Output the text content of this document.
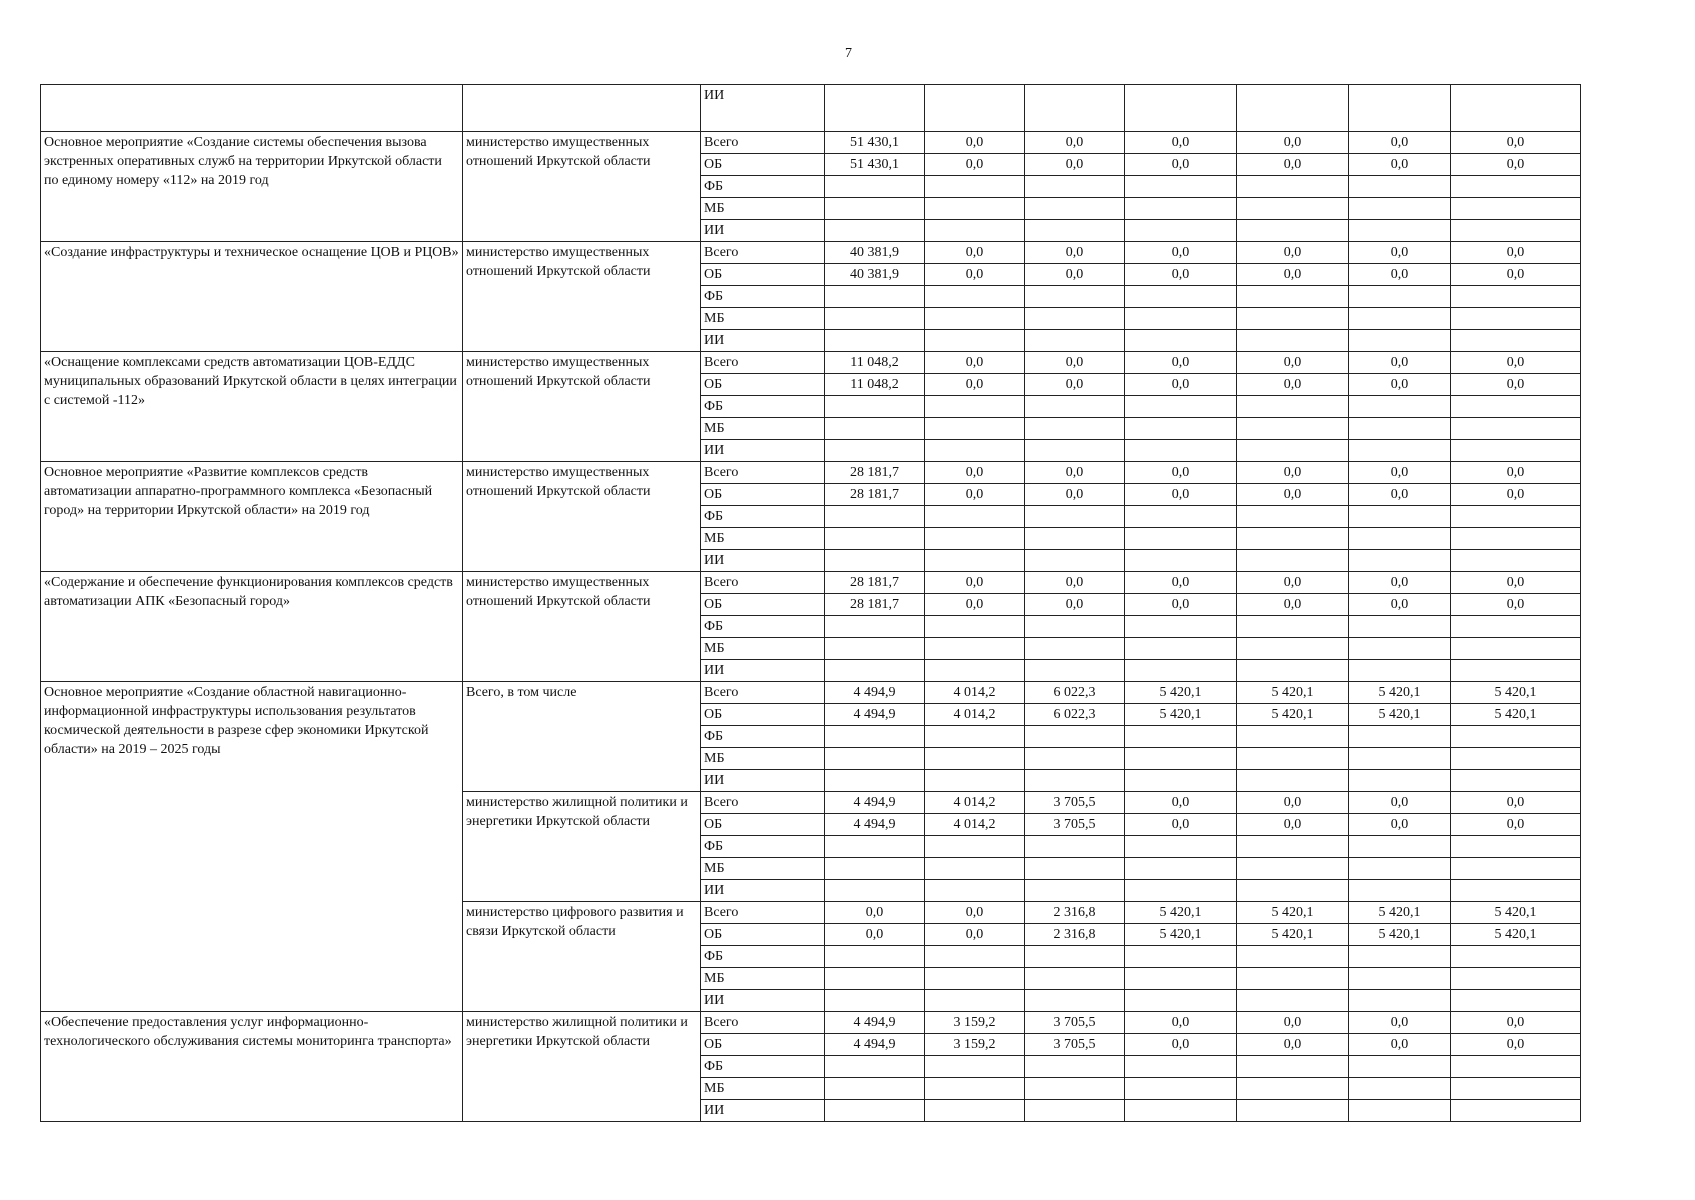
7
		ИИ							
Основное мероприятие «Создание системы обеспечения вызова экстренных оперативных служб на территории Иркутской области по единому номеру «112» на 2019 год	министерство имущественных отношений Иркутской области	Всего	51 430,1	0,0	0,0	0,0	0,0	0,0	0,0
		ОБ	51 430,1	0,0	0,0	0,0	0,0	0,0	0,0
		ФБ							
		МБ							
		ИИ							
«Создание инфраструктуры и техническое оснащение ЦОВ и РЦОВ»	министерство имущественных отношений Иркутской области	Всего	40 381,9	0,0	0,0	0,0	0,0	0,0	0,0
		ОБ	40 381,9	0,0	0,0	0,0	0,0	0,0	0,0
		ФБ							
		МБ							
		ИИ							
«Оснащение комплексами средств автоматизации ЦОВ-ЕДДС муниципальных образований Иркутской области в целях интеграции с системой -112»	министерство имущественных отношений Иркутской области	Всего	11 048,2	0,0	0,0	0,0	0,0	0,0	0,0
		ОБ	11 048,2	0,0	0,0	0,0	0,0	0,0	0,0
		ФБ							
		МБ							
		ИИ							
Основное мероприятие «Развитие комплексов средств автоматизации аппаратно-программного комплекса «Безопасный город» на территории Иркутской области» на 2019 год	министерство имущественных отношений Иркутской области	Всего	28 181,7	0,0	0,0	0,0	0,0	0,0	0,0
		ОБ	28 181,7	0,0	0,0	0,0	0,0	0,0	0,0
		ФБ							
		МБ							
		ИИ							
«Содержание и обеспечение функционирования комплексов средств автоматизации АПК «Безопасный город»	министерство имущественных отношений Иркутской области	Всего	28 181,7	0,0	0,0	0,0	0,0	0,0	0,0
		ОБ	28 181,7	0,0	0,0	0,0	0,0	0,0	0,0
		ФБ							
		МБ							
		ИИ							
Основное мероприятие «Создание областной навигационно-информационной инфраструктуры использования результатов космической деятельности в разрезе сфер экономики Иркутской области» на 2019 – 2025 годы	Всего, в том числе	Всего	4 494,9	4 014,2	6 022,3	5 420,1	5 420,1	5 420,1	5 420,1
		ОБ	4 494,9	4 014,2	6 022,3	5 420,1	5 420,1	5 420,1	5 420,1
		ФБ							
		МБ							
		ИИ							
	министерство жилищной политики и энергетики Иркутской области	Всего	4 494,9	4 014,2	3 705,5	0,0	0,0	0,0	0,0
		ОБ	4 494,9	4 014,2	3 705,5	0,0	0,0	0,0	0,0
		ФБ							
		МБ							
		ИИ							
	министерство цифрового развития и связи Иркутской области	Всего	0,0	0,0	2 316,8	5 420,1	5 420,1	5 420,1	5 420,1
		ОБ	0,0	0,0	2 316,8	5 420,1	5 420,1	5 420,1	5 420,1
		ФБ							
		МБ							
		ИИ							
«Обеспечение предоставления услуг информационно-технологического обслуживания системы мониторинга транспорта»	министерство жилищной политики и энергетики Иркутской области	Всего	4 494,9	3 159,2	3 705,5	0,0	0,0	0,0	0,0
		ОБ	4 494,9	3 159,2	3 705,5	0,0	0,0	0,0	0,0
		ФБ							
		МБ							
		ИИ							
